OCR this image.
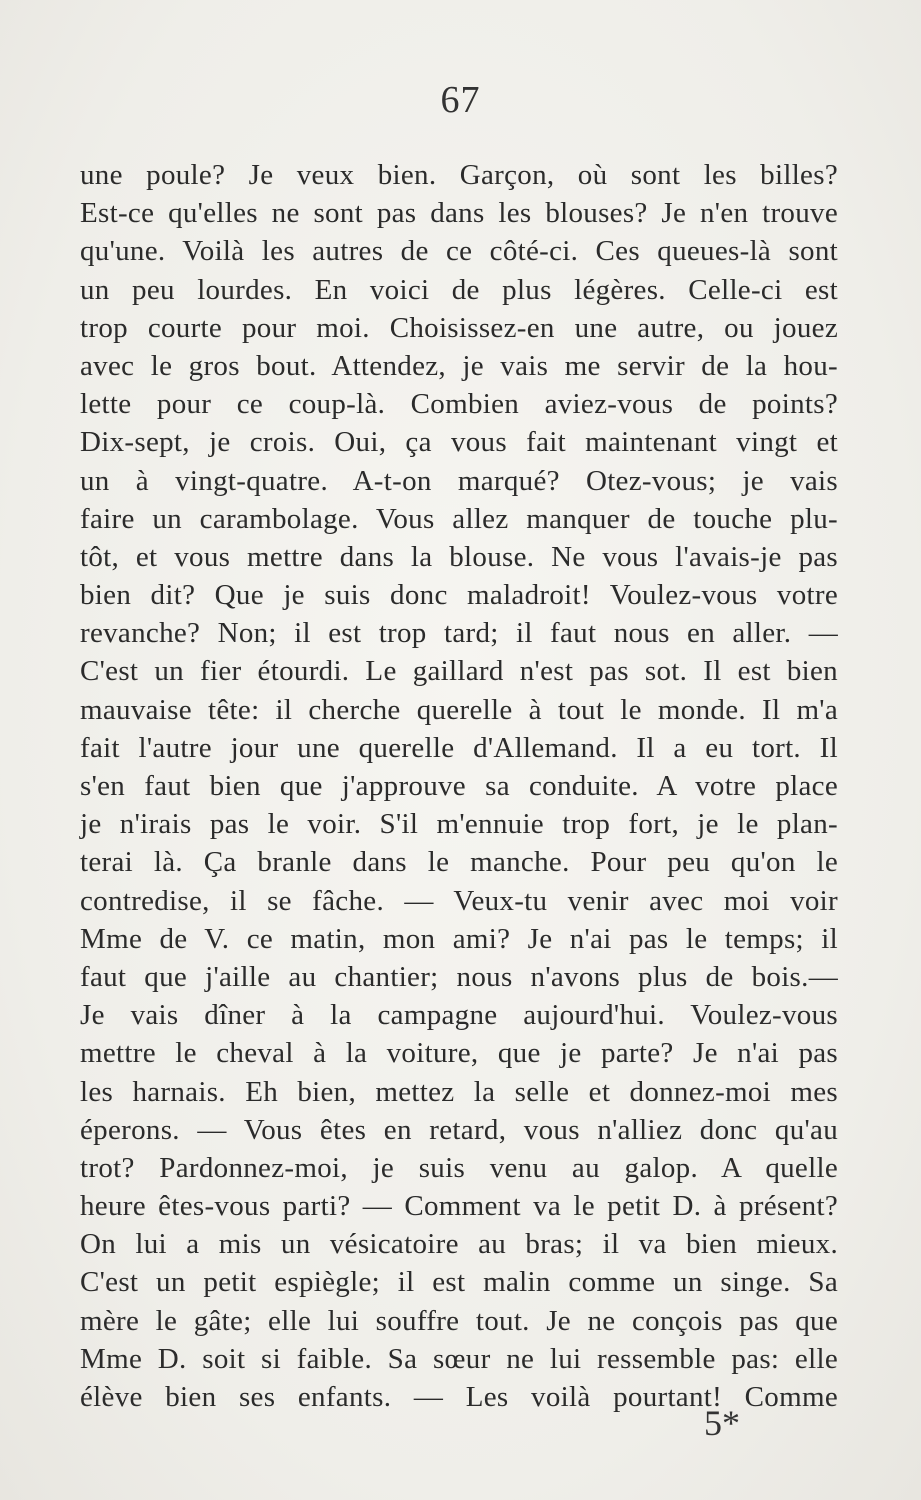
67
une poule? Je veux bien. Garçon, où sont les billes?
Est-ce qu'elles ne sont pas dans les blouses? Je n'en trouve
qu'une. Voilà les autres de ce côté-ci. Ces queues-là sont
un peu lourdes. En voici de plus légères. Celle-ci est
trop courte pour moi. Choisissez-en une autre, ou jouez
avec le gros bout. Attendez, je vais me servir de la hou-
lette pour ce coup-là. Combien aviez-vous de points?
Dix-sept, je crois. Oui, ça vous fait maintenant vingt et
un à vingt-quatre. A-t-on marqué? Otez-vous; je vais
faire un carambolage. Vous allez manquer de touche plu-
tôt, et vous mettre dans la blouse. Ne vous l'avais-je pas
bien dit? Que je suis donc maladroit! Voulez-vous votre
revanche? Non; il est trop tard; il faut nous en aller. —
C'est un fier étourdi. Le gaillard n'est pas sot. Il est bien
mauvaise tête: il cherche querelle à tout le monde. Il m'a
fait l'autre jour une querelle d'Allemand. Il a eu tort. Il
s'en faut bien que j'approuve sa conduite. A votre place
je n'irais pas le voir. S'il m'ennuie trop fort, je le plan-
terai là. Ça branle dans le manche. Pour peu qu'on le
contredise, il se fâche. — Veux-tu venir avec moi voir
Mme de V. ce matin, mon ami? Je n'ai pas le temps; il
faut que j'aille au chantier; nous n'avons plus de bois.—
Je vais dîner à la campagne aujourd'hui. Voulez-vous
mettre le cheval à la voiture, que je parte? Je n'ai pas
les harnais. Eh bien, mettez la selle et donnez-moi mes
éperons. — Vous êtes en retard, vous n'alliez donc qu'au
trot? Pardonnez-moi, je suis venu au galop. A quelle
heure êtes-vous parti? — Comment va le petit D. à présent?
On lui a mis un vésicatoire au bras; il va bien mieux.
C'est un petit espiègle; il est malin comme un singe. Sa
mère le gâte; elle lui souffre tout. Je ne conçois pas que
Mme D. soit si faible. Sa sœur ne lui ressemble pas: elle
élève bien ses enfants. — Les voilà pourtant! Comme
5*
